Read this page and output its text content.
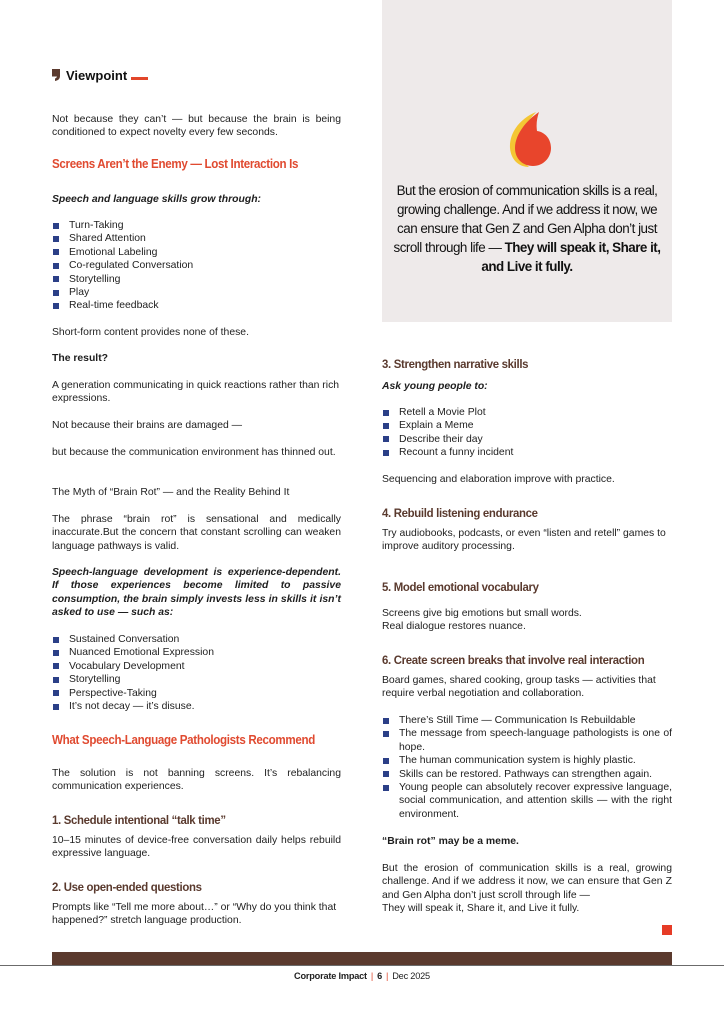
Viewpoint

Not because they can’t — but because the brain is being conditioned to expect novelty every few seconds.

Screens Aren’t the Enemy — Lost Interaction Is

Speech and language skills grow through:

Turn-Taking
Shared Attention
Emotional Labeling
Co-regulated Conversation
Storytelling
Play
Real-time feedback

Short-form content provides none of these.

The result?

A generation communicating in quick reactions rather than rich expressions.

Not because their brains are damaged —

but because the communication environment has thinned out.

The Myth of “Brain Rot” — and the Reality Behind It

The phrase “brain rot” is sensational and medically inaccurate.But the concern that constant scrolling can weaken language pathways is valid.

Speech-language development is experience-dependent. If those experiences become limited to passive consumption, the brain simply invests less in skills it isn’t asked to use — such as:

Sustained Conversation
Nuanced Emotional Expression
Vocabulary Development
Storytelling
Perspective-Taking
It’s not decay — it’s disuse.
What Speech-Language Pathologists Recommend

The solution is not banning screens. It’s rebalancing communication experiences.

1. Schedule intentional “talk time”

10–15 minutes of device-free conversation daily helps rebuild expressive language.

2. Use open-ended questions

Prompts like “Tell me more about…” or “Why do you think that happened?” stretch language production.

But the erosion of communication skills is a real, growing challenge. And if we address it now, we can ensure that Gen Z and Gen Alpha don’t just scroll through life — They will speak it, Share it, and Live it fully.
3. Strengthen narrative skills

Ask young people to:

Retell a Movie Plot
Explain a Meme
Describe their day
Recount a funny incident

Sequencing and elaboration improve with practice.

4. Rebuild listening endurance

Try audiobooks, podcasts, or even “listen and retell” games to improve auditory processing.

5. Model emotional vocabulary

Screens give big emotions but small words.

Real dialogue restores nuance.

6. Create screen breaks that involve real interaction

Board games, shared cooking, group tasks — activities that require verbal negotiation and collaboration.

There’s Still Time — Communication Is Rebuildable
The message from speech-language pathologists is one of hope.
The human communication system is highly plastic.
Skills can be restored. Pathways can strengthen again.
Young people can absolutely recover expressive language, social communication, and attention skills — with the right environment.

“Brain rot” may be a meme.

But the erosion of communication skills is a real, growing challenge. And if we address it now, we can ensure that Gen Z and Gen Alpha don’t just scroll through life —

They will speak it, Share it, and Live it fully.

Corporate Impact | 6 | Dec 2025
